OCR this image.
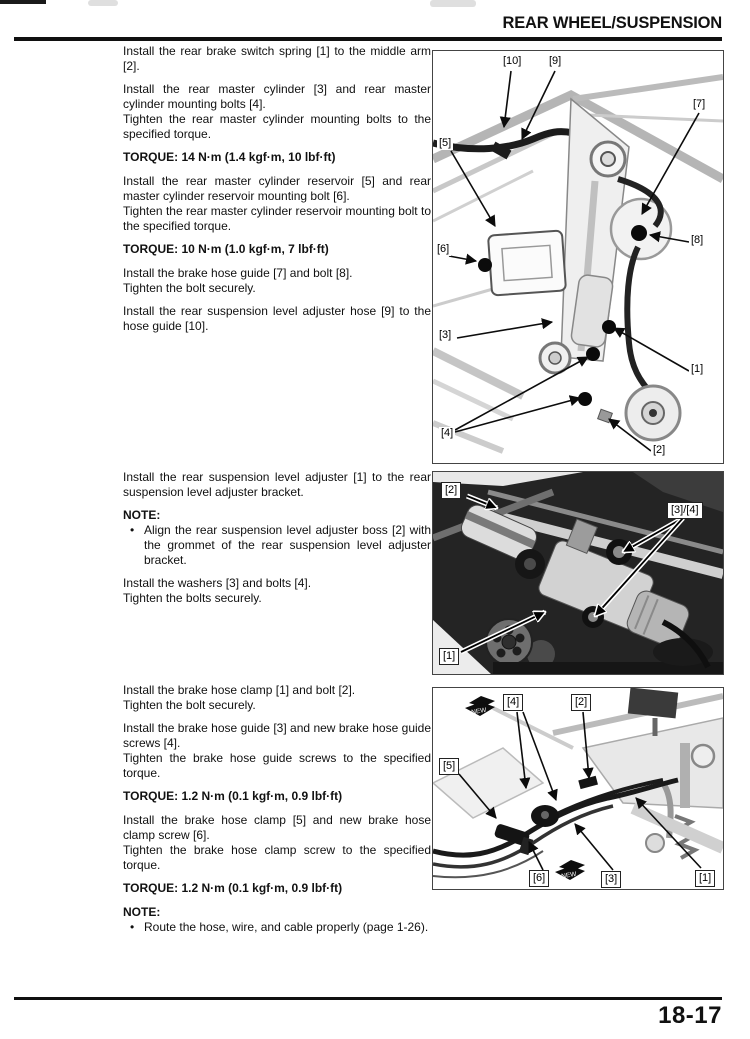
REAR WHEEL/SUSPENSION
Install the rear brake switch spring [1] to the middle arm [2].
Install the rear master cylinder [3] and rear master cylinder mounting bolts [4].
Tighten the rear master cylinder mounting bolts to the specified torque.
TORQUE: 14 N·m (1.4 kgf·m, 10 lbf·ft)
Install the rear master cylinder reservoir [5] and rear master cylinder reservoir mounting bolt [6].
Tighten the rear master cylinder reservoir mounting bolt to the specified torque.
TORQUE: 10 N·m (1.0 kgf·m, 7 lbf·ft)
Install the brake hose guide [7] and bolt [8].
Tighten the bolt securely.
Install the rear suspension level adjuster hose [9] to the hose guide [10].
Install the rear suspension level adjuster [1] to the rear suspension level adjuster bracket.
NOTE:
• Align the rear suspension level adjuster boss [2] with the grommet of the rear suspension level adjuster bracket.
Install the washers [3] and bolts [4].
Tighten the bolts securely.
Install the brake hose clamp [1] and bolt [2].
Tighten the bolt securely.
Install the brake hose guide [3] and new brake hose guide screws [4].
Tighten the brake hose guide screws to the specified torque.
TORQUE: 1.2 N·m (0.1 kgf·m, 0.9 lbf·ft)
Install the brake hose clamp [5] and new brake hose clamp screw [6].
Tighten the brake hose clamp screw to the specified torque.
TORQUE: 1.2 N·m (0.1 kgf·m, 0.9 lbf·ft)
NOTE:
• Route the hose, wire, and cable properly (page 1-26).
[10]	[9]
[7]
[5]
[6]
[8]
[3]
[1]
[4]
[2]
[2]
[3]/[4]
[1]
NEW
NEW
[4]	[2]
[5]
[6]	[3]	[1]
18-17
